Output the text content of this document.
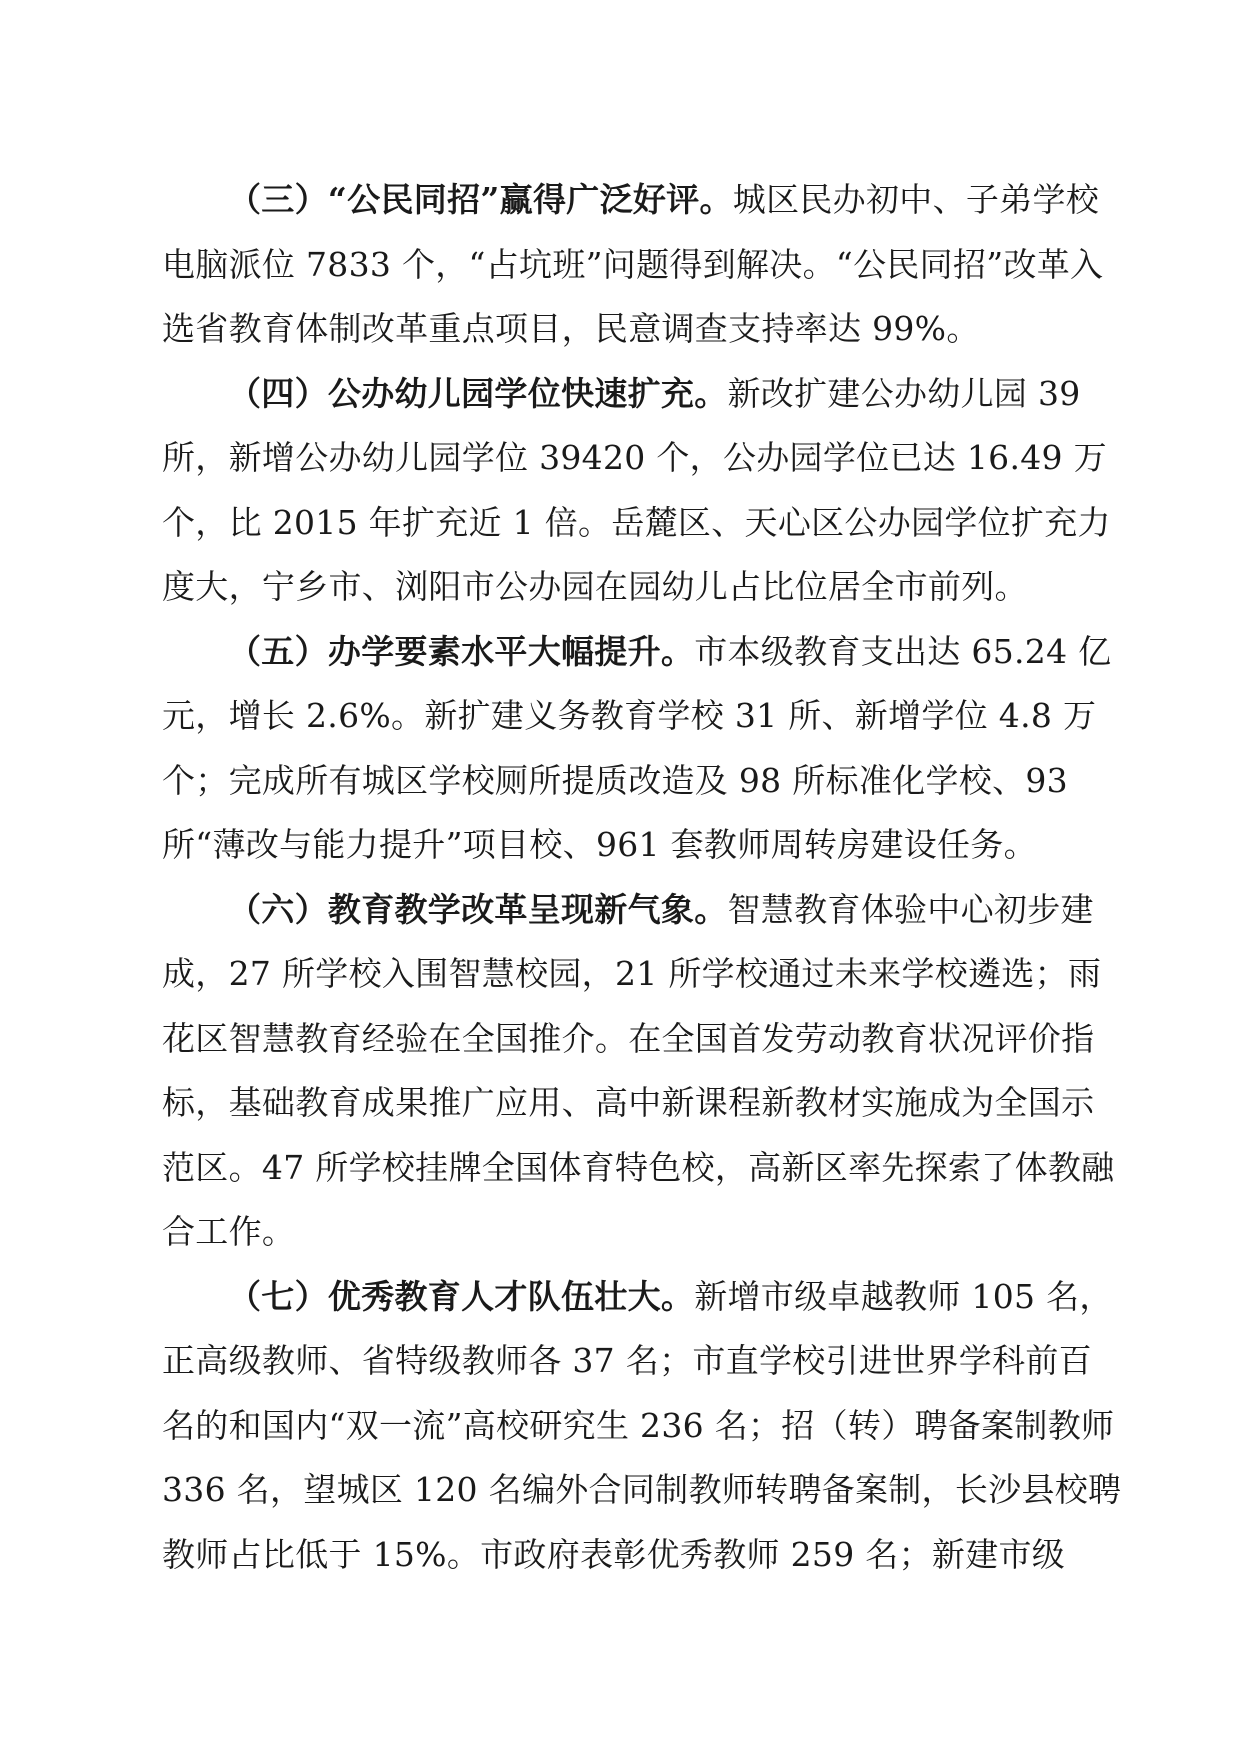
（三）“公民同招”赢得广泛好评。城区民办初中、子弟学校电脑派位 7833 个，“占坑班”问题得到解决。“公民同招”改革入选省教育体制改革重点项目，民意调查支持率达 99%。

（四）公办幼儿园学位快速扩充。新改扩建公办幼儿园 39 所，新增公办幼儿园学位 39420 个，公办园学位已达 16.49 万个，比 2015 年扩充近 1 倍。岳麓区、天心区公办园学位扩充力度大，宁乡市、浏阳市公办园在园幼儿占比位居全市前列。

（五）办学要素水平大幅提升。市本级教育支出达 65.24 亿元，增长 2.6%。新扩建义务教育学校 31 所、新增学位 4.8 万个；完成所有城区学校厕所提质改造及 98 所标准化学校、93 所“薄改与能力提升”项目校、961 套教师周转房建设任务。

（六）教育教学改革呈现新气象。智慧教育体验中心初步建成，27 所学校入围智慧校园，21 所学校通过未来学校遴选；雨花区智慧教育经验在全国推介。在全国首发劳动教育状况评价指标，基础教育成果推广应用、高中新课程新教材实施成为全国示范区。47 所学校挂牌全国体育特色校，高新区率先探索了体教融合工作。

（七）优秀教育人才队伍壮大。新增市级卓越教师 105 名，正高级教师、省特级教师各 37 名；市直学校引进世界学科前百名的和国内“双一流”高校研究生 236 名；招（转）聘备案制教师 336 名，望城区 120 名编外合同制教师转聘备案制，长沙县校聘教师占比低于 15%。市政府表彰优秀教师 259 名；新建市级
